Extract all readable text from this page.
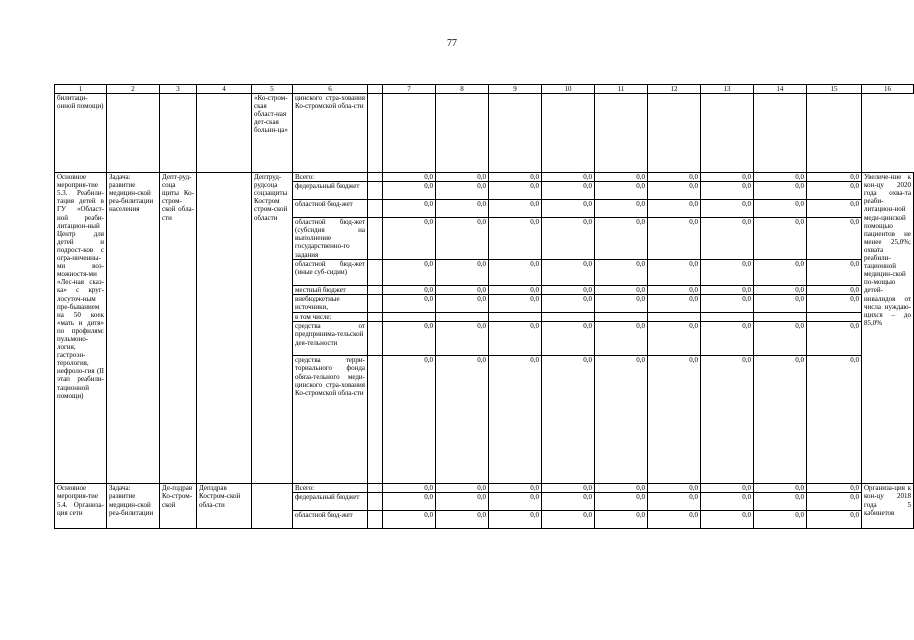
77
1	2	3	4	5	6		7	8	9	10	11	12	13	14	15	16
билитаци-онной помощи)				«Ко-стром-ская област-ная дет-ская больни-ца»	цинского стра-хования Ко-стромской обла-сти											
Основное мероприя-тие 5.3. Реабили-тация детей в ГУ «Област-ной реаби-литацион-ный Центр для детей и подрост-ков с огра-ниченны-ми воз-можностя-ми «Лес-ная сказ-ка» с круг-лосуточ-ным пре-быванием на 50 коек «мать и дитя» по профилям: пульмоно-логия, гастроэн-терология, нефроло-гия (II этап реабили-тационной помощи)	Задача: развитие медицин-ской реа-билитации населения	Депт-руд-соца щиты Ко-стром-ской обла-сти		Дептруд-рудсоца соцзащиты Костром стром-ской области	Всего:		0,0	0,0	0,0	0,0	0,0	0,0	0,0	0,0	0,0	Увеличе-ние к кон-цу 2020 года охва-та реаби-литацион-ной меди-цинской помощью пациентов не менее 25,0%; охвата реабили-тационной медицин-ской по-мощью детей-инвалидов от числа нуждаю-щихся – до 85,0%
					федеральный бюджет		0,0	0,0	0,0	0,0	0,0	0,0	0,0	0,0	0,0	
					областной бюд-жет		0,0	0,0	0,0	0,0	0,0	0,0	0,0	0,0	0,0	
					областной бюд-жет (субсидия на выполнение государственно-го задания		0,0	0,0	0,0	0,0	0,0	0,0	0,0	0,0	0,0	
					областной бюд-жет (иные суб-сидии)		0,0	0,0	0,0	0,0	0,0	0,0	0,0	0,0	0,0	
					местный бюджет		0,0	0,0	0,0	0,0	0,0	0,0	0,0	0,0	0,0	
					внебюджетные источники,		0,0	0,0	0,0	0,0	0,0	0,0	0,0	0,0	0,0	
					в том числе:											
					средства от предпринима-тельской дея-тельности		0,0	0,0	0,0	0,0	0,0	0,0	0,0	0,0	0,0	
					средства терри-ториального фонда обяза-тельного меди-цинского стра-хования Ко-стромской обла-сти		0,0	0,0	0,0	0,0	0,0	0,0	0,0	0,0	0,0	
Основное мероприя-тие 5.4. Организа-ция сети	Задача: развитие медицин-ской реа-билитации	Де-пздрав Ко-стром-ской	Депздрав Костром-ской обла-сти		Всего:		0,0	0,0	0,0	0,0	0,0	0,0	0,0	0,0	0,0	Организа-ция к кон-цу 2018 года 5 кабинетов
					федеральный бюджет		0,0	0,0	0,0	0,0	0,0	0,0	0,0	0,0	0,0	
					областной бюд-жет		0,0	0,0	0,0	0,0	0,0	0,0	0,0	0,0	0,0	
